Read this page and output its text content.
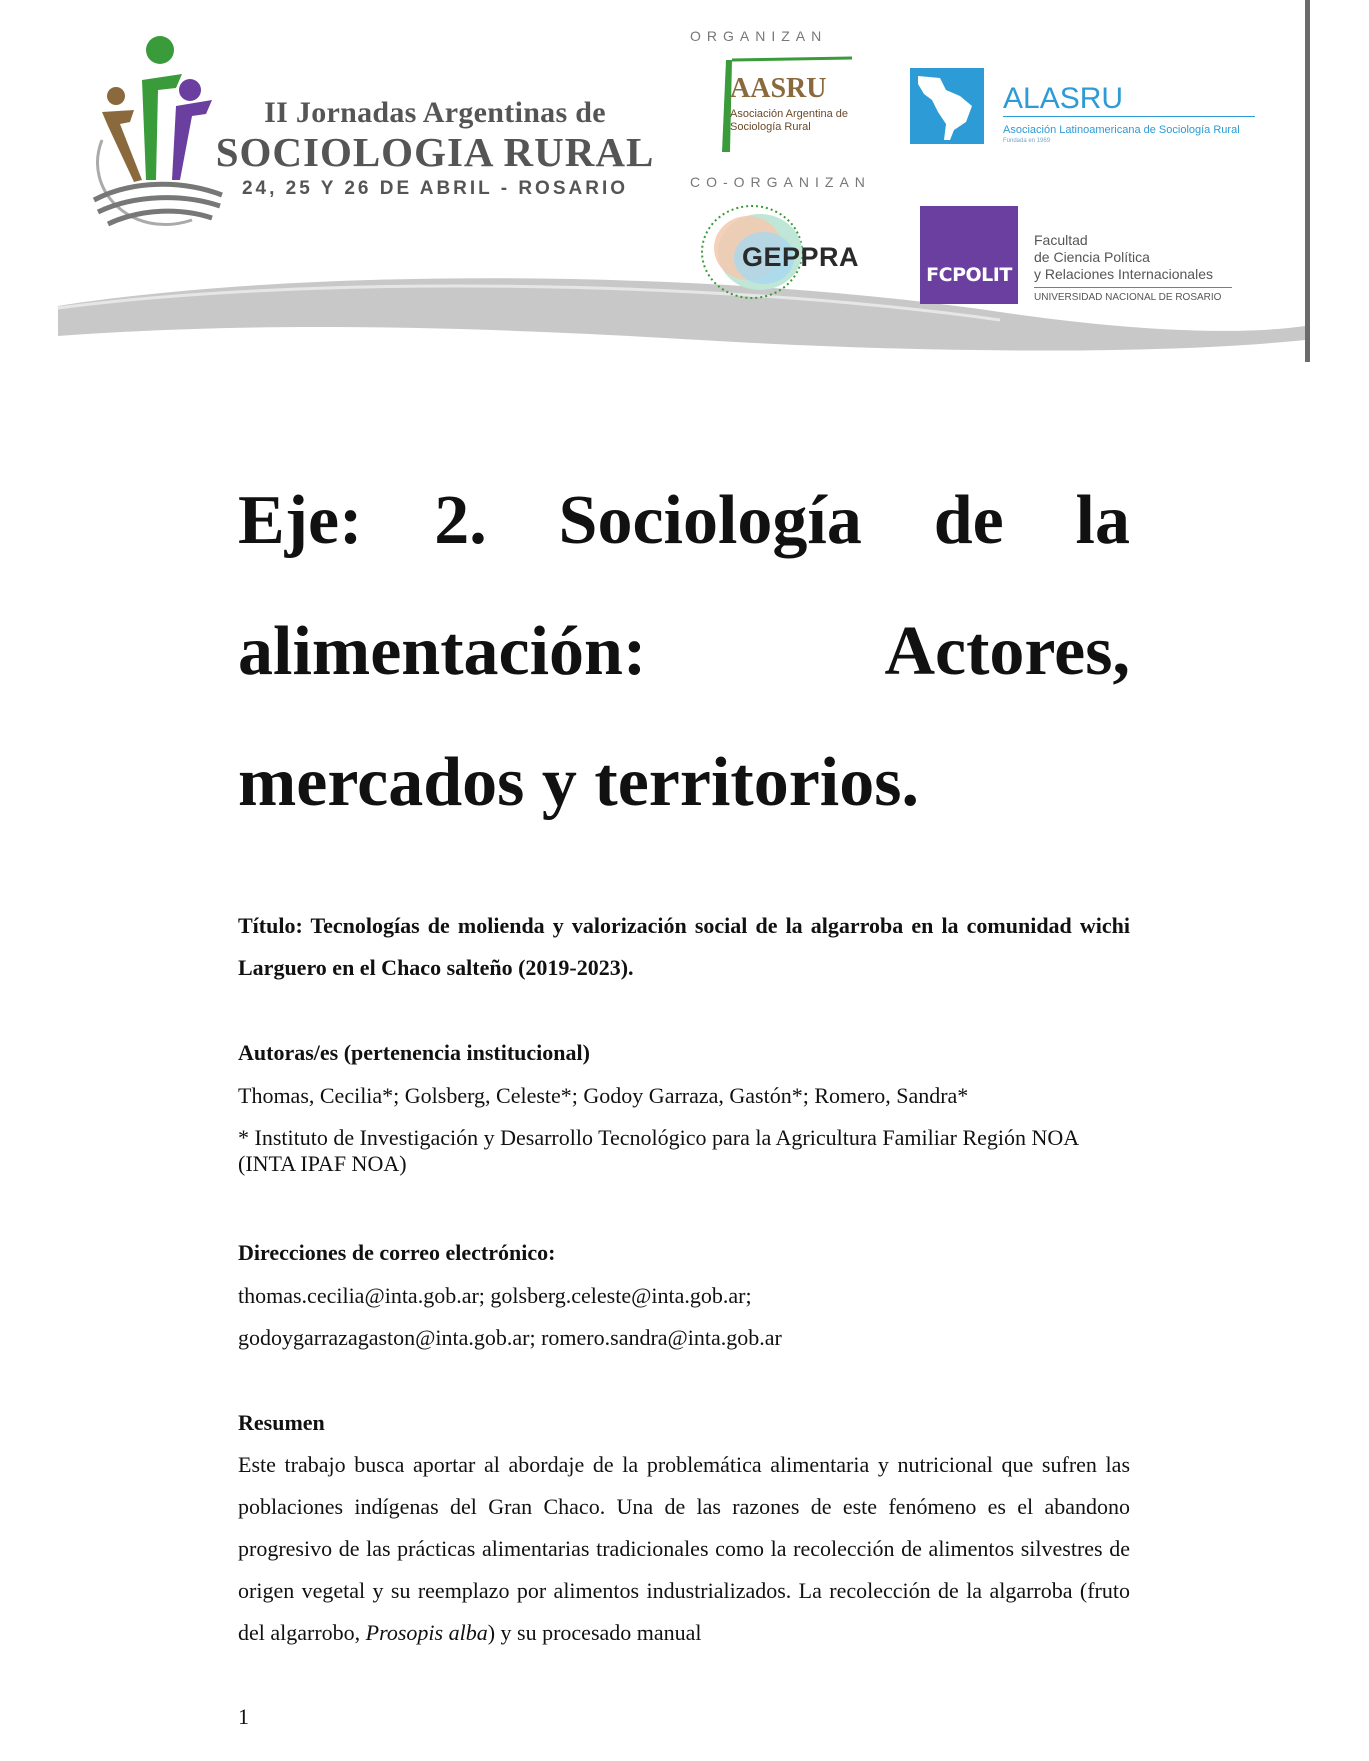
II Jornadas Argentinas de
SOCIOLOGIA RURAL
24, 25 Y 26 DE ABRIL - ROSARIO
ORGANIZAN
CO-ORGANIZAN
AASRU
Asociación Argentina de Sociología Rural
ALASRU
Asociación Latinoamericana de Sociología Rural
Fundada en 1969
GEPPRA
FCPOLIT
Facultad
de Ciencia Política
y Relaciones Internacionales
UNIVERSIDAD NACIONAL DE ROSARIO
Eje: 2. Sociología de la alimentación: Actores, mercados y territorios.
Título: Tecnologías de molienda y valorización social de la algarroba en la comunidad wichi Larguero en el Chaco salteño (2019-2023).
Autoras/es (pertenencia institucional)
Thomas, Cecilia*; Golsberg, Celeste*; Godoy Garraza, Gastón*; Romero, Sandra*
* Instituto de Investigación y Desarrollo Tecnológico para la Agricultura Familiar Región NOA (INTA IPAF NOA)
Direcciones de correo electrónico:
thomas.cecilia@inta.gob.ar; golsberg.celeste@inta.gob.ar;
godoygarrazagaston@inta.gob.ar; romero.sandra@inta.gob.ar
Resumen

Este trabajo busca aportar al abordaje de la problemática alimentaria y nutricional que sufren las poblaciones indígenas del Gran Chaco. Una de las razones de este fenómeno es el abandono progresivo de las prácticas alimentarias tradicionales como la recolección de alimentos silvestres de origen vegetal y su reemplazo por alimentos industrializados. La recolección de la algarroba (fruto del algarrobo, Prosopis alba) y su procesado manual

1
